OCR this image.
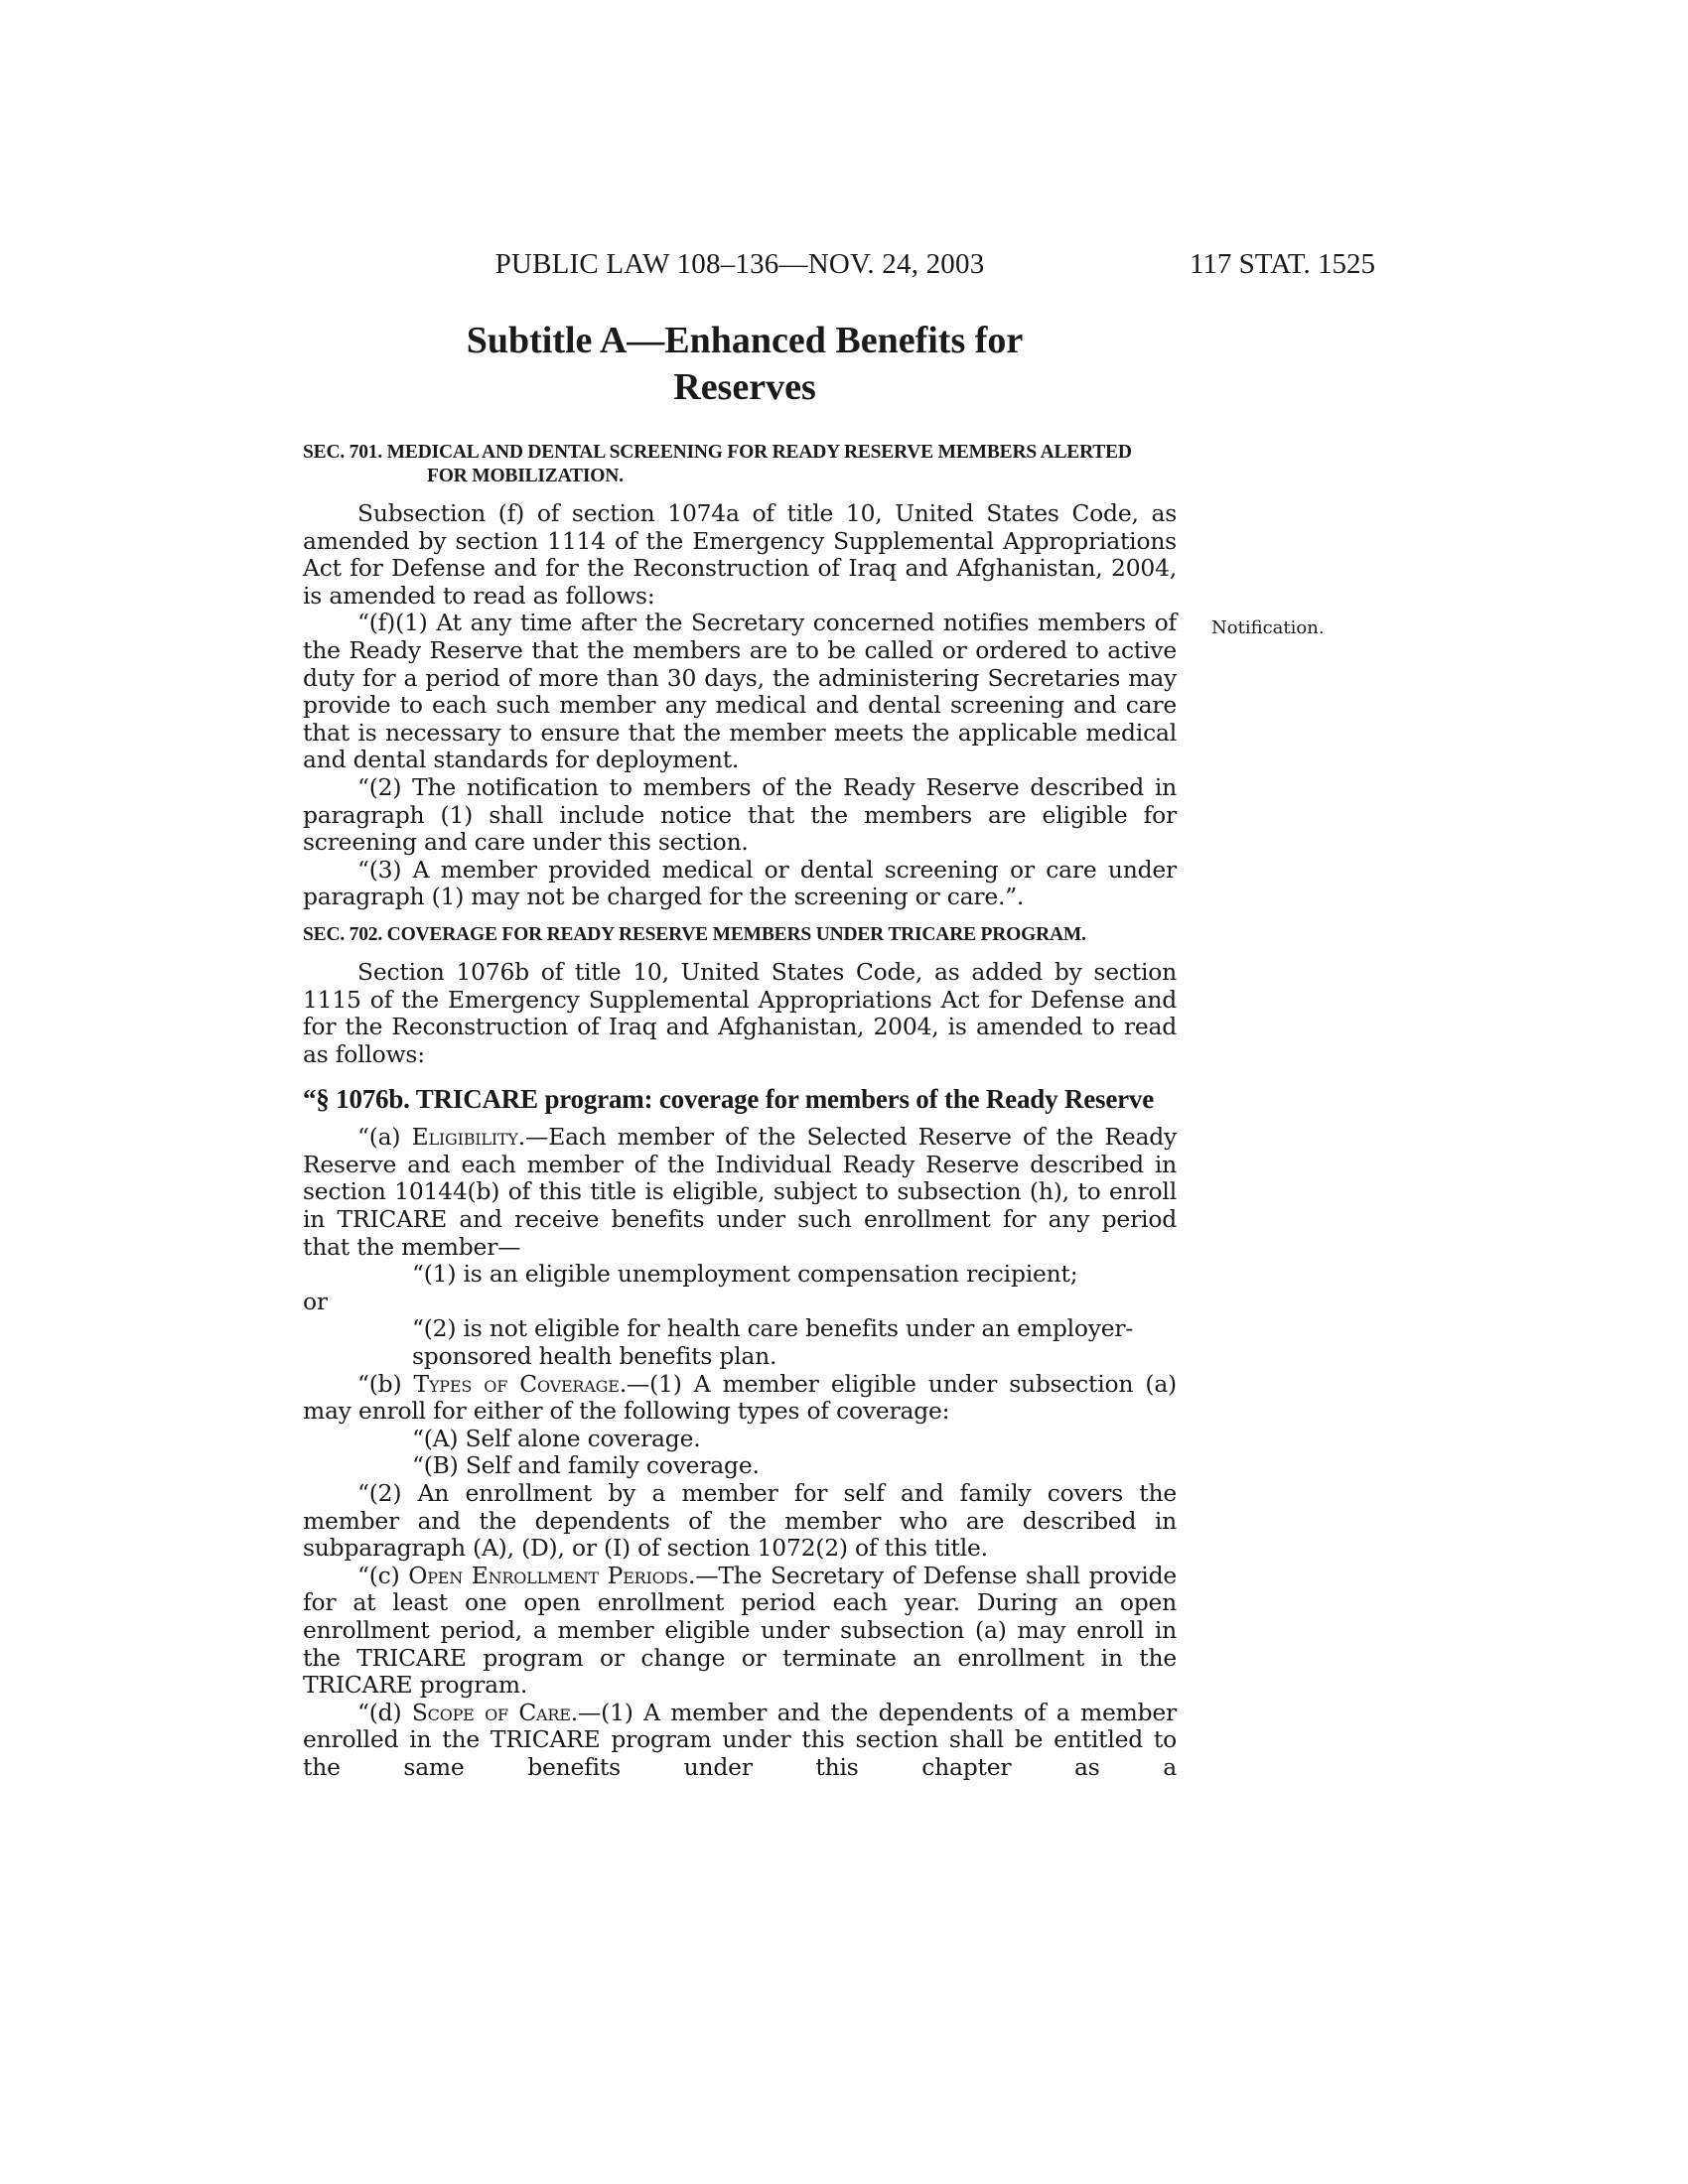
PUBLIC LAW 108–136—NOV. 24, 2003	117 STAT. 1525
Subtitle A—Enhanced Benefits for
Reserves
Notification.
SEC. 701. MEDICAL AND DENTAL SCREENING FOR READY RESERVE MEMBERS ALERTED FOR MOBILIZATION.

Subsection (f) of section 1074a of title 10, United States Code, as amended by section 1114 of the Emergency Supplemental Appropriations Act for Defense and for the Reconstruction of Iraq and Afghanistan, 2004, is amended to read as follows:

“(f)(1) At any time after the Secretary concerned notifies members of the Ready Reserve that the members are to be called or ordered to active duty for a period of more than 30 days, the administering Secretaries may provide to each such member any medical and dental screening and care that is necessary to ensure that the member meets the applicable medical and dental standards for deployment.

“(2) The notification to members of the Ready Reserve described in paragraph (1) shall include notice that the members are eligible for screening and care under this section.

“(3) A member provided medical or dental screening or care under paragraph (1) may not be charged for the screening or care.”.

SEC. 702. COVERAGE FOR READY RESERVE MEMBERS UNDER TRICARE PROGRAM.

Section 1076b of title 10, United States Code, as added by section 1115 of the Emergency Supplemental Appropriations Act for Defense and for the Reconstruction of Iraq and Afghanistan, 2004, is amended to read as follows:

“§ 1076b. TRICARE program: coverage for members of the Ready Reserve

“(a) Eligibility.—Each member of the Selected Reserve of the Ready Reserve and each member of the Individual Ready Reserve described in section 10144(b) of this title is eligible, subject to subsection (h), to enroll in TRICARE and receive benefits under such enrollment for any period that the member—

“(1) is an eligible unemployment compensation recipient;

or

“(2) is not eligible for health care benefits under an employer-sponsored health benefits plan.

“(b) Types of Coverage.—(1) A member eligible under subsection (a) may enroll for either of the following types of coverage:

“(A) Self alone coverage.

“(B) Self and family coverage.

“(2) An enrollment by a member for self and family covers the member and the dependents of the member who are described in subparagraph (A), (D), or (I) of section 1072(2) of this title.

“(c) Open Enrollment Periods.—The Secretary of Defense shall provide for at least one open enrollment period each year. During an open enrollment period, a member eligible under subsection (a) may enroll in the TRICARE program or change or terminate an enrollment in the TRICARE program.

“(d) Scope of Care.—(1) A member and the dependents of a member enrolled in the TRICARE program under this section shall be entitled to the same benefits under this chapter as a
